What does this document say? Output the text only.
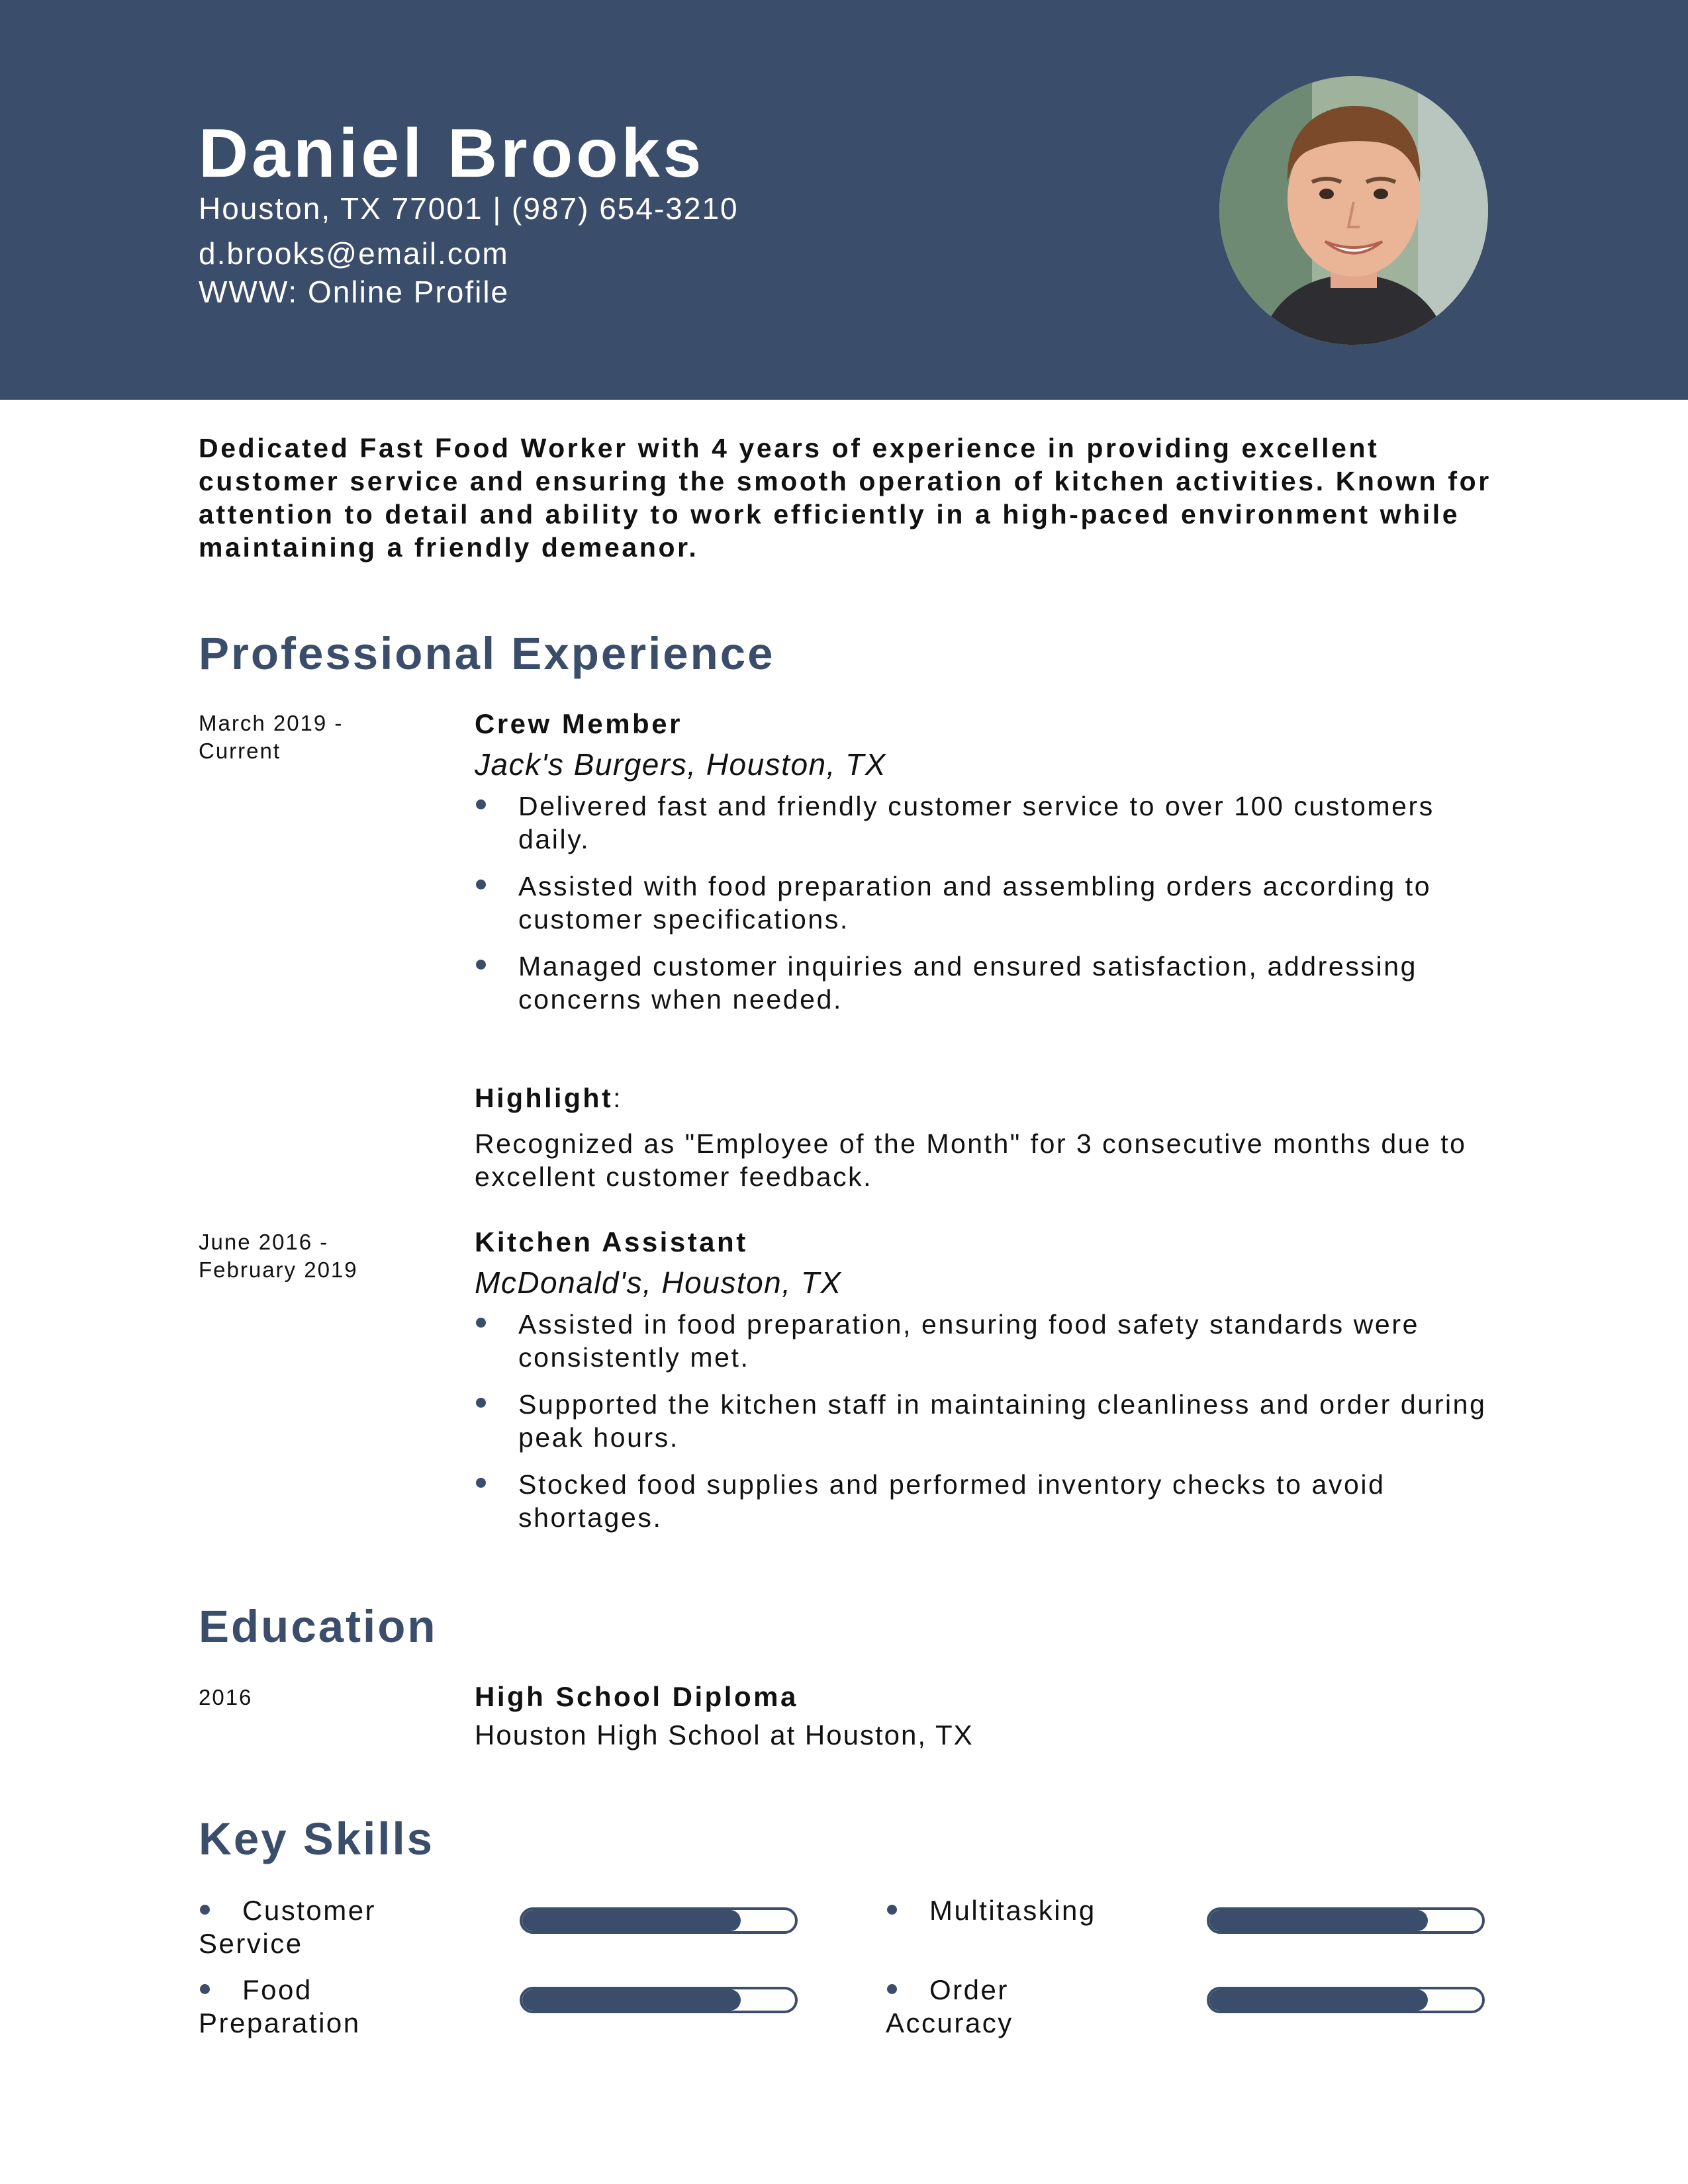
Daniel Brooks
Houston, TX 77001 | (987) 654-3210
d.brooks@email.com
WWW: Online Profile

Dedicated Fast Food Worker with 4 years of experience in providing excellent customer service and ensuring the smooth operation of kitchen activities. Known for attention to detail and ability to work efficiently in a high-paced environment while maintaining a friendly demeanor.

Professional Experience
March 2019 -
Current

Crew Member

Jack's Burgers, Houston, TX

Delivered fast and friendly customer service to over 100 customers daily.
Assisted with food preparation and assembling orders according to customer specifications.
Managed customer inquiries and ensured satisfaction, addressing concerns when needed.
Highlight:
Recognized as "Employee of the Month" for 3 consecutive months due to excellent customer feedback.
June 2016 -
February 2019

Kitchen Assistant

McDonald's, Houston, TX

Assisted in food preparation, ensuring food safety standards were consistently met.
Supported the kitchen staff in maintaining cleanliness and order during peak hours.
Stocked food supplies and performed inventory checks to avoid shortages.
Education
2016	High School Diploma
Houston High School at Houston, TX
Key Skills
Customer Service
Multitasking
Food Preparation
Order Accuracy
